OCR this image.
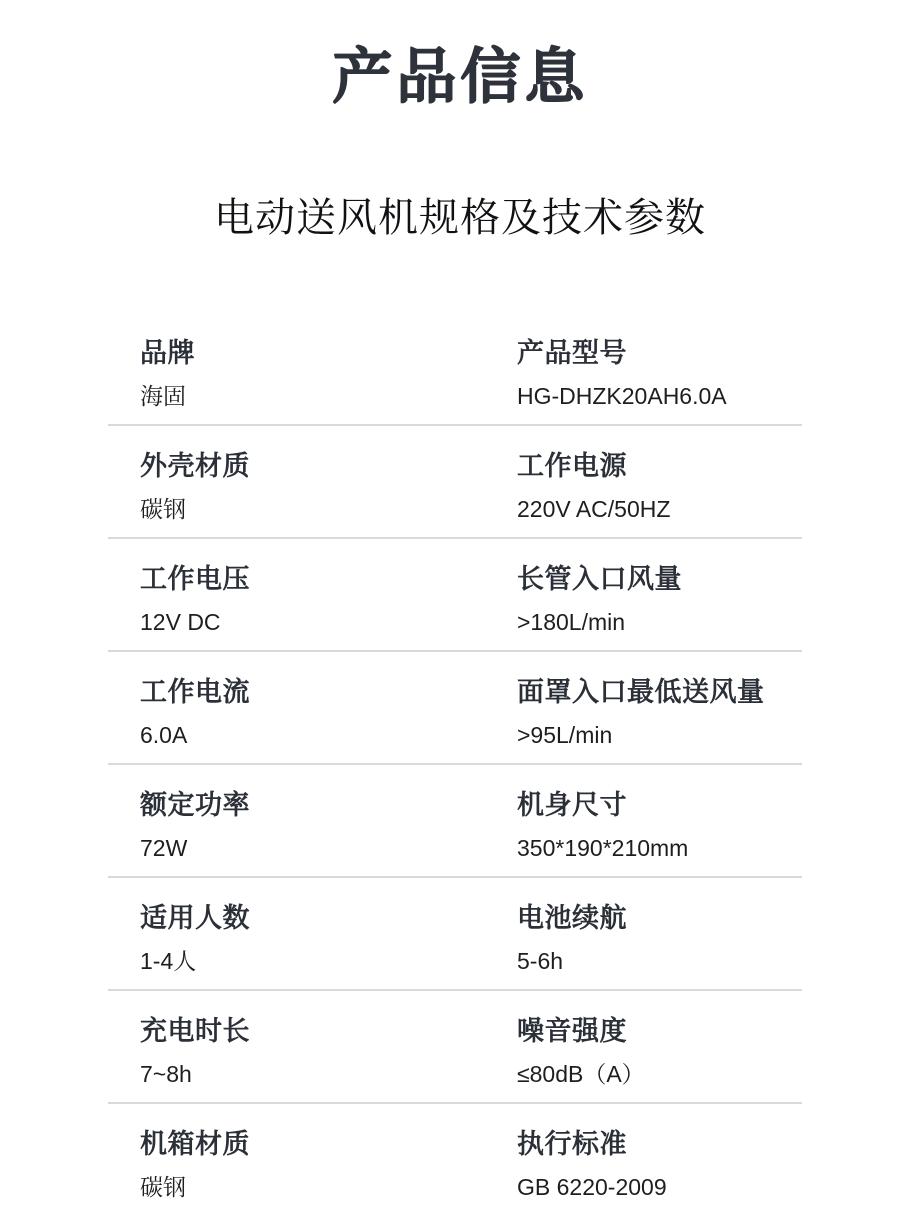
产品信息
电动送风机规格及技术参数
品牌
海固
产品型号
HG-DHZK20AH6.0A
外壳材质
碳钢
工作电源
220V AC/50HZ
工作电压
12V DC
长管入口风量
>180L/min
工作电流
6.0A
面罩入口最低送风量
>95L/min
额定功率
72W
机身尺寸
350*190*210mm
适用人数
1-4人
电池续航
5-6h
充电时长
7~8h
噪音强度
≤80dB（A）
机箱材质
碳钢
执行标准
GB 6220-2009
